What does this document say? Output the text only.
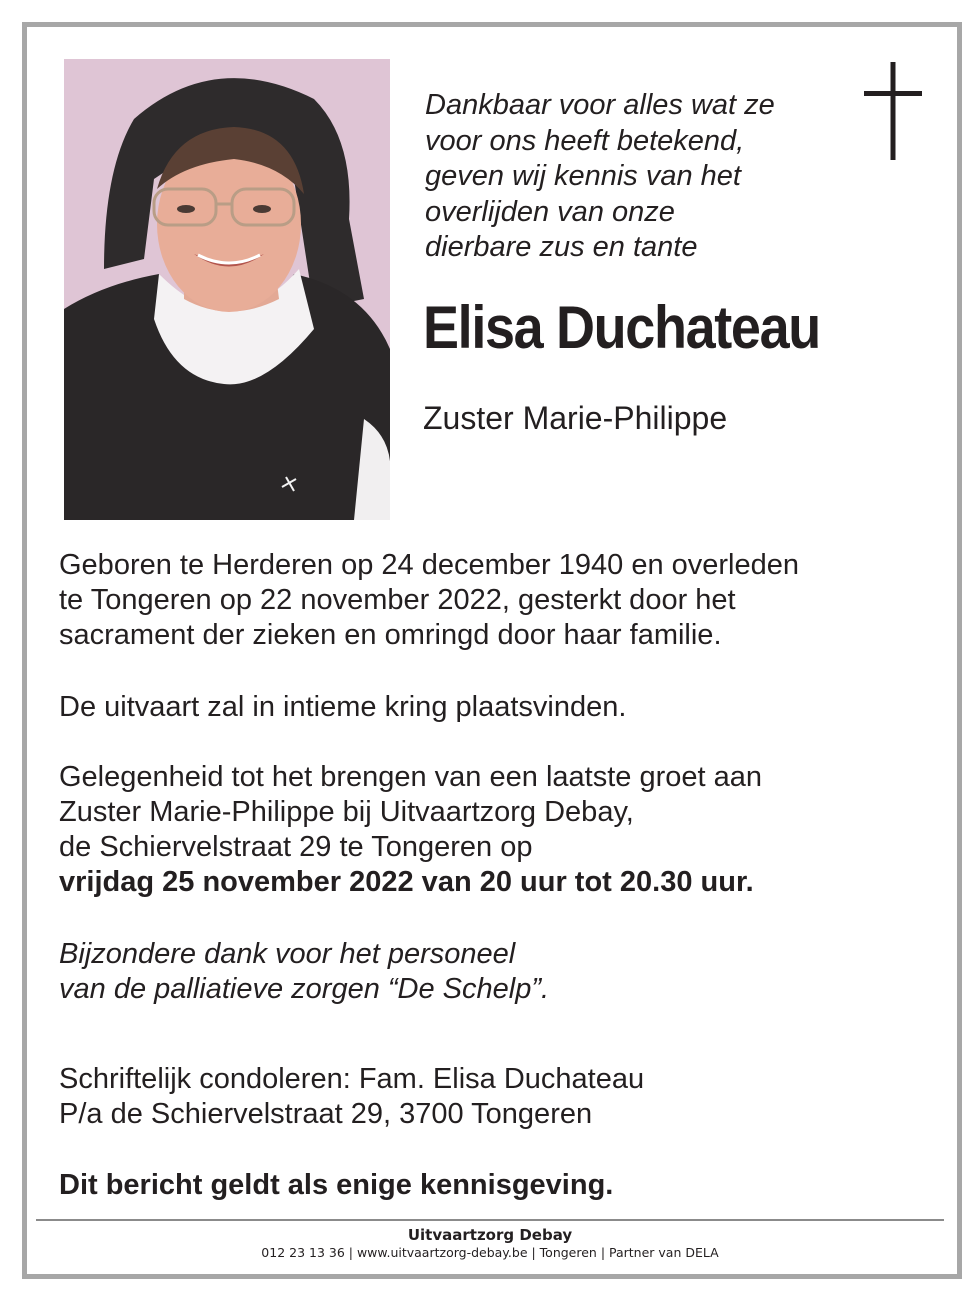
Dankbaar voor alles wat ze
voor ons heeft betekend,
geven wij kennis van het
overlijden van onze
dierbare zus en tante
Elisa Duchateau
Zuster Marie-Philippe
Geboren te Herderen op 24 december 1940 en overleden
te Tongeren op 22 november 2022, gesterkt door het
sacrament der zieken en omringd door haar familie.
De uitvaart zal in intieme kring plaatsvinden.
Gelegenheid tot het brengen van een laatste groet aan
Zuster Marie-Philippe bij Uitvaartzorg Debay,
de Schiervelstraat 29 te Tongeren op
vrijdag 25 november 2022 van 20 uur tot 20.30 uur.
Bijzondere dank voor het personeel
van de palliatieve zorgen “De Schelp”.
Schriftelijk condoleren: Fam. Elisa Duchateau
P/a de Schiervelstraat 29, 3700 Tongeren
Dit bericht geldt als enige kennisgeving.
Uitvaartzorg Debay
012 23 13 36 | www.uitvaartzorg-debay.be | Tongeren | Partner van DELA
